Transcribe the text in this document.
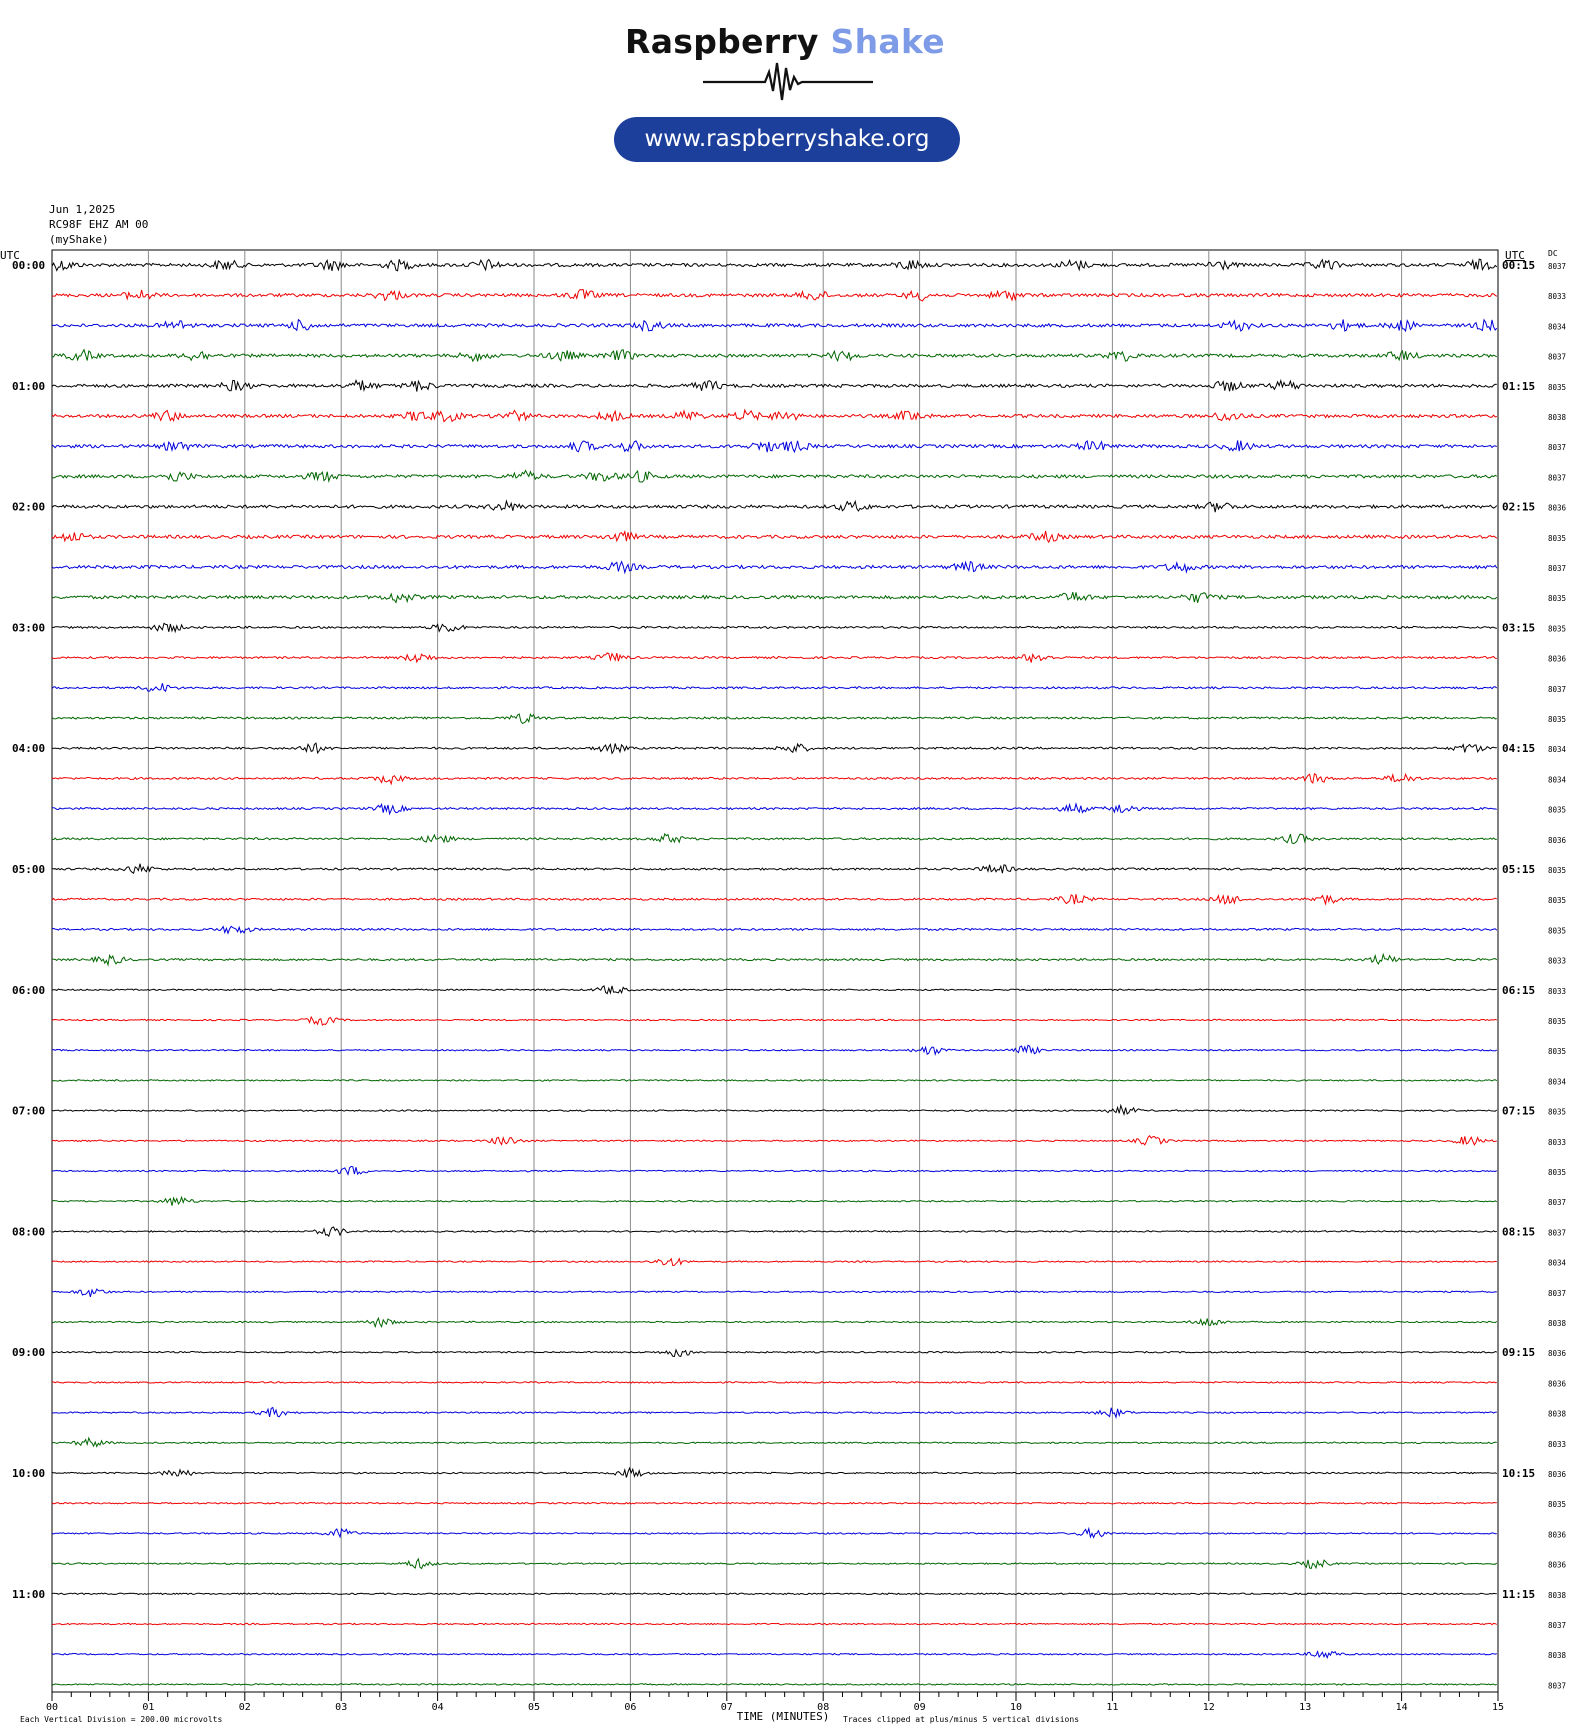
Raspberry Shake
www.raspberryshake.org
Jun 1,2025
RC98F EHZ AM 00
(myShake)
UTC	UTC	DC
TIME (MINUTES)
Each Vertical Division = 200.00 microvolts	Traces clipped at plus/minus 5 vertical divisions
00	01	02	03	04	05	06	07	08	09	10	11	12	13	14	15
8037
00:00	00:15
8033
8034
8037
8035
01:00	01:15
8038
8037
8037
8036
02:00	02:15
8035
8037
8035
8035
03:00	03:15
8036
8037
8035
8034
04:00	04:15
8034
8035
8036
8035
05:00	05:15
8035
8035
8033
8033
06:00	06:15
8035
8035
8034
8035
07:00	07:15
8033
8035
8037
8037
08:00	08:15
8034
8037
8038
8036
09:00	09:15
8036
8038
8033
8036
10:00	10:15
8035
8036
8036
8038
11:00	11:15
8037
8038
8037
